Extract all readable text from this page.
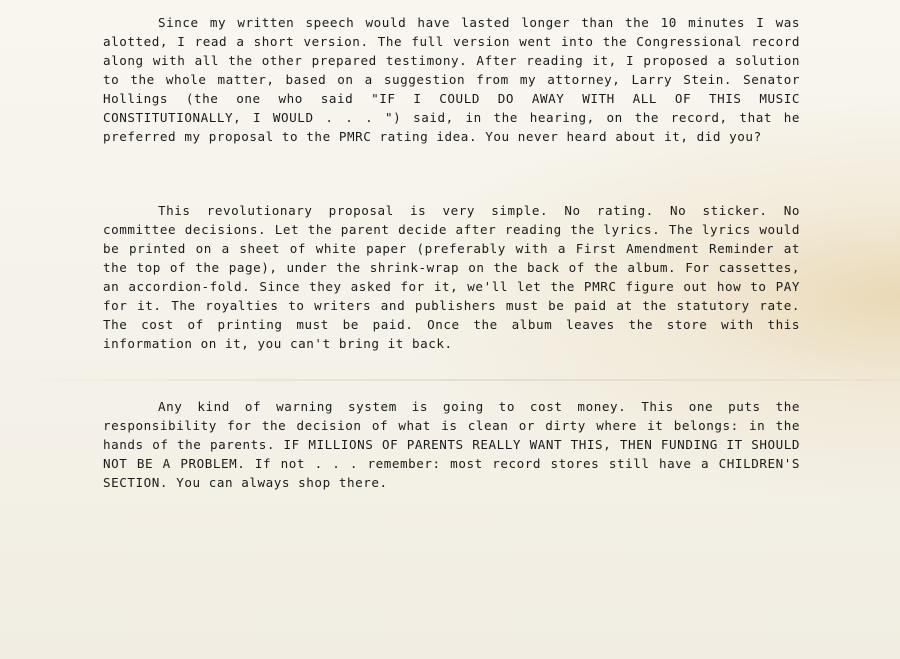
Since my written speech would have lasted longer than the 10 minutes I was alotted, I read a short version. The full version went into the Congressional record along with all the other prepared testimony. After reading it, I proposed a solution to the whole matter, based on a suggestion from my attorney, Larry Stein. Senator Hollings (the one who said "IF I COULD DO AWAY WITH ALL OF THIS MUSIC CONSTITUTIONALLY, I WOULD . . . ") said, in the hearing, on the record, that he preferred my proposal to the PMRC rating idea. You never heard about it, did you?

This revolutionary proposal is very simple. No rating. No sticker. No committee decisions. Let the parent decide after reading the lyrics. The lyrics would be printed on a sheet of white paper (preferably with a First Amendment Reminder at the top of the page), under the shrink-wrap on the back of the album. For cassettes, an accordion-fold. Since they asked for it, we'll let the PMRC figure out how to PAY for it. The royalties to writers and publishers must be paid at the statutory rate. The cost of printing must be paid. Once the album leaves the store with this information on it, you can't bring it back.

Any kind of warning system is going to cost money. This one puts the responsibility for the decision of what is clean or dirty where it belongs: in the hands of the parents. IF MILLIONS OF PARENTS REALLY WANT THIS, THEN FUNDING IT SHOULD NOT BE A PROBLEM. If not . . . remember: most record stores still have a CHILDREN'S SECTION. You can always shop there.
